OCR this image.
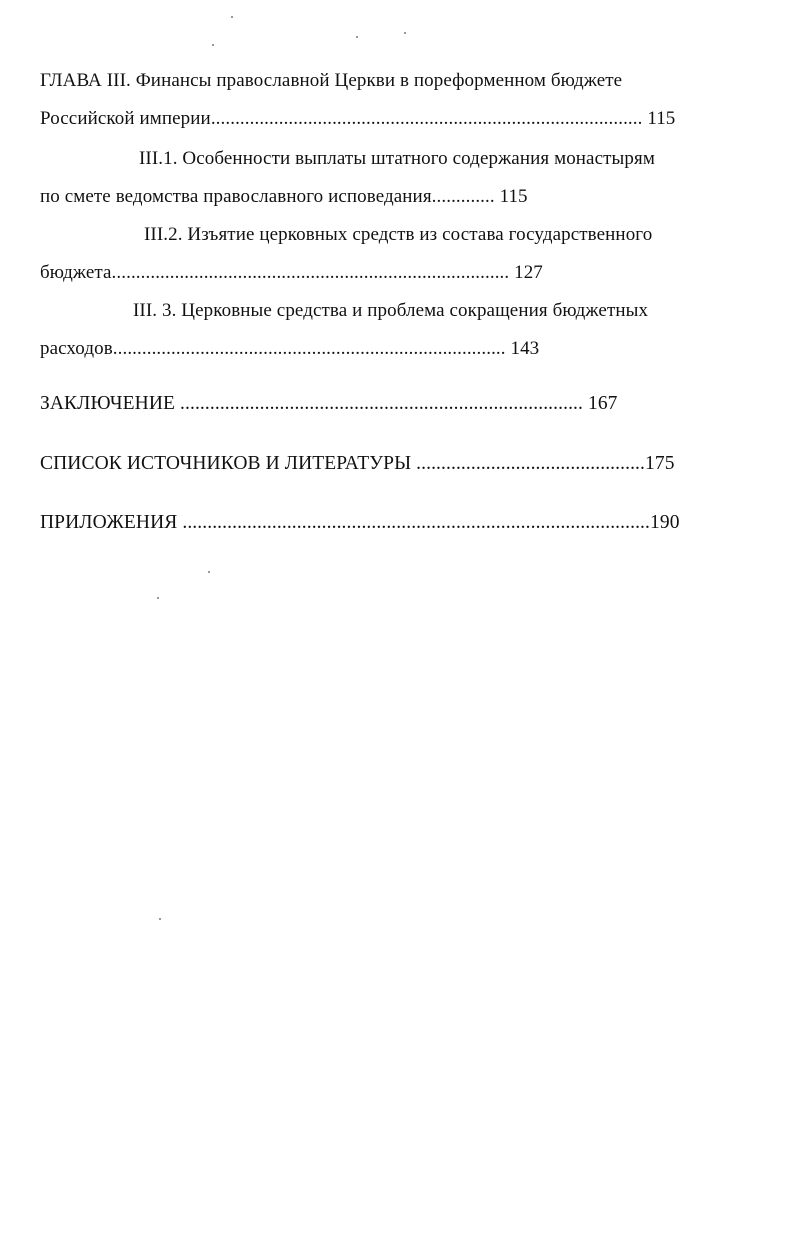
ГЛАВА III. Финансы православной Церкви в пореформенном бюджете
Российской империи......................................................................................... 115
III.1. Особенности выплаты штатного содержания монастырям
по смете ведомства православного исповедания............. 115
III.2. Изъятие церковных средств из состава государственного
бюджета.................................................................................. 127
III. 3. Церковные средства и проблема сокращения бюджетных
расходов................................................................................. 143
ЗАКЛЮЧЕНИЕ ................................................................................. 167
СПИСОК ИСТОЧНИКОВ И ЛИТЕРАТУРЫ ..............................................175
ПРИЛОЖЕНИЯ ..............................................................................................190
